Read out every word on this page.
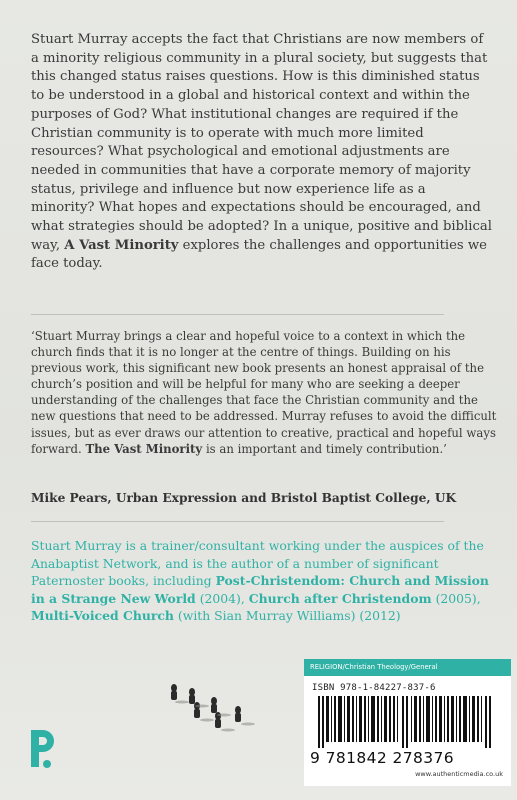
Stuart Murray accepts the fact that Christians are now members of a minority religious community in a plural society, but suggests that this changed status raises questions. How is this diminished status to be understood in a global and historical context and within the purposes of God? What institutional changes are required if the Christian community is to operate with much more limited resources? What psychological and emotional adjustments are needed in communities that have a corporate memory of majority status, privilege and influence but now experience life as a minority? What hopes and expectations should be encouraged, and what strategies should be adopted? In a unique, positive and biblical way, A Vast Minority explores the challenges and opportunities we face today.

‘Stuart Murray brings a clear and hopeful voice to a context in which the church finds that it is no longer at the centre of things. Building on his previous work, this significant new book presents an honest appraisal of the church’s position and will be helpful for many who are seeking a deeper understanding of the challenges that face the Christian community and the new questions that need to be addressed. Murray refuses to avoid the difficult issues, but as ever draws our attention to creative, practical and hopeful ways forward. The Vast Minority is an important and timely contribution.’

Mike Pears, Urban Expression and Bristol Baptist College, UK

Stuart Murray is a trainer/consultant working under the auspices of the Anabaptist Network, and is the author of a number of significant Paternoster books, including Post-Christendom: Church and Mission in a Strange New World (2004), Church after Christendom (2005), Multi-Voiced Church (with Sian Murray Williams) (2012)

RELIGION/Christian Theology/General
ISBN 978-1-84227-837-6
9 781842 278376
www.authenticmedia.co.uk
